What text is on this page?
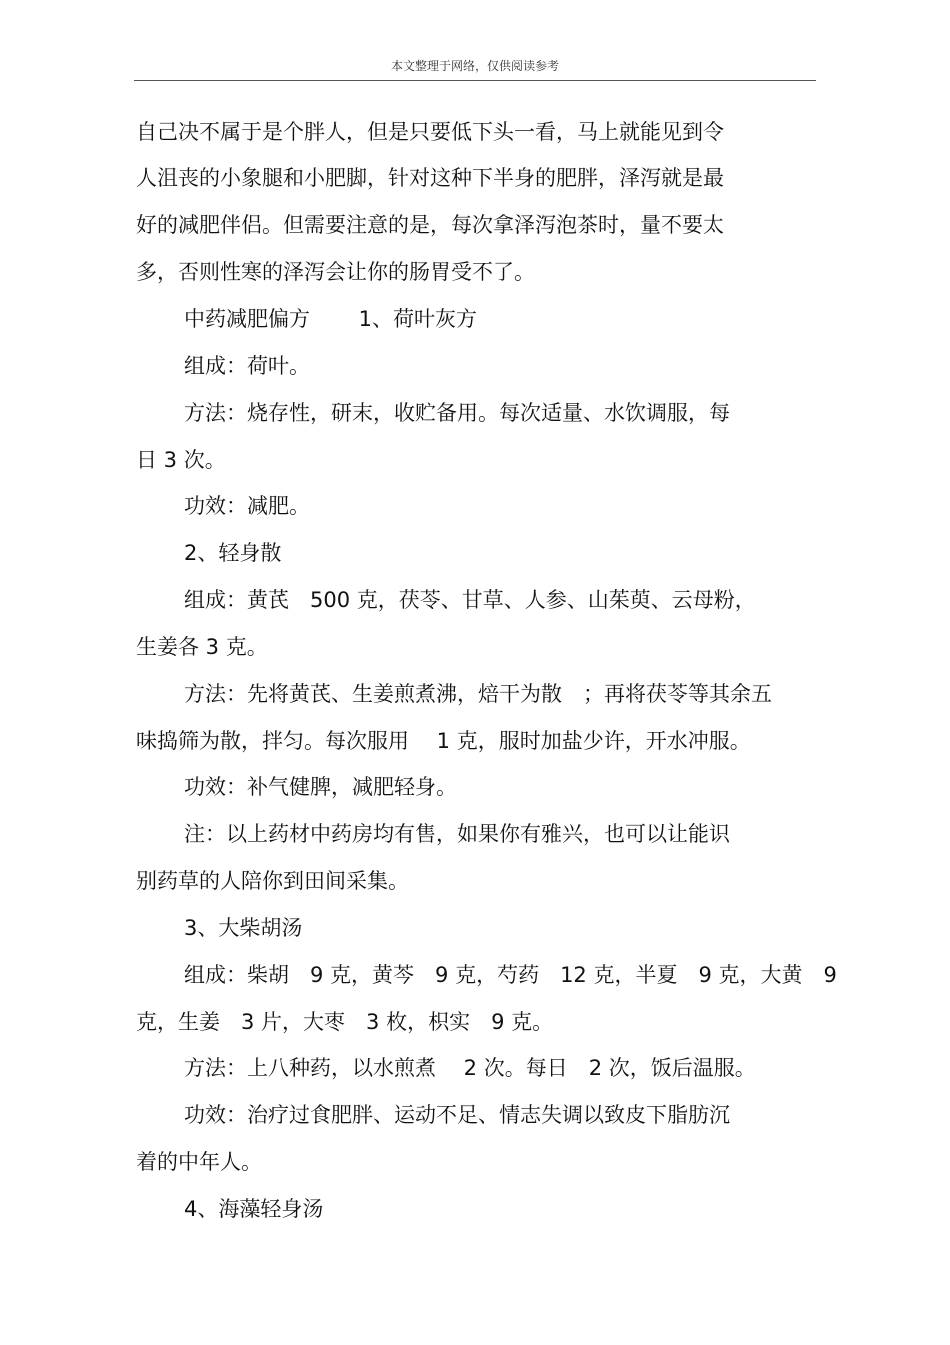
本文整理于网络，仅供阅读参考
自己决不属于是个胖人，但是只要低下头一看，马上就能见到令
人沮丧的小象腿和小肥脚，针对这种下半身的肥胖，泽泻就是最
好的减肥伴侣。但需要注意的是，每次拿泽泻泡茶时，量不要太
多，否则性寒的泽泻会让你的肠胃受不了。
中药减肥偏方　　 1、荷叶灰方
组成：荷叶。
方法：烧存性，研末，收贮备用。每次适量、水饮调服，每
日 3 次。
功效：减肥。
2、轻身散
组成：黄芪　500 克，茯苓、甘草、人参、山茱萸、云母粉，
生姜各 3 克。
方法：先将黄芪、生姜煎煮沸，焙干为散　；再将茯苓等其余五
味捣筛为散，拌匀。每次服用　 1 克，服时加盐少许，开水冲服。
功效：补气健脾，减肥轻身。
注：以上药材中药房均有售，如果你有雅兴，也可以让能识
别药草的人陪你到田间采集。
3、大柴胡汤
组成：柴胡　9 克，黄芩　9 克，芍药　12 克，半夏　9 克，大黄　9
克，生姜　3 片，大枣　3 枚，枳实　9 克。
方法：上八种药，以水煎煮　 2 次。每日　2 次，饭后温服。
功效：治疗过食肥胖、运动不足、情志失调以致皮下脂肪沉
着的中年人。
4、海藻轻身汤
